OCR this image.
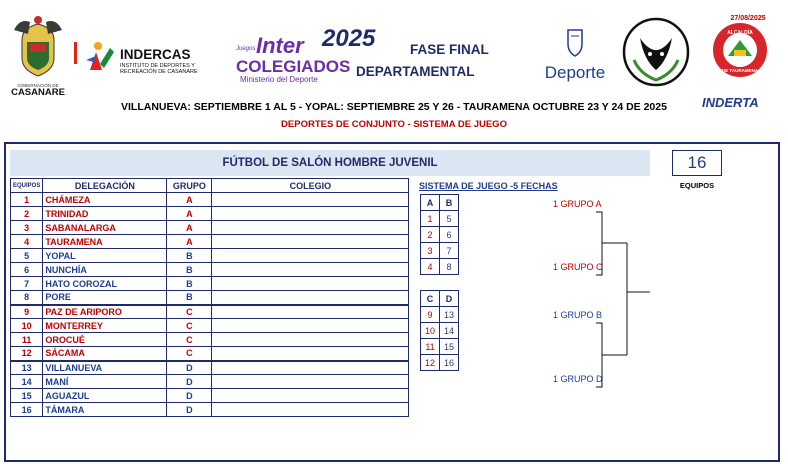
GOBERNACIÓN DE
CASANARE
INDERCAS
INSTITUTO DE DEPORTES Y
RECREACIÓN DE CASANARE
Juegos Inter
COLEGIADOS
Ministerio del Deporte
2025	FASE FINAL
DEPARTAMENTAL	Deporte
27/08/2025
ALCALDÍA
DE TAURAMENA
INDERTA
VILLANUEVA: SEPTIEMBRE 1 AL 5 - YOPAL: SEPTIEMBRE 25 Y 26 - TAURAMENA OCTUBRE 23 Y 24 DE 2025
DEPORTES DE CONJUNTO - SISTEMA DE JUEGO
FÚTBOL DE SALÓN HOMBRE JUVENIL	16
EQUIPOS
EQUIPOS	DELEGACIÓN	GRUPO	COLEGIO
1	CHÁMEZA	A	
2	TRINIDAD	A	
3	SABANALARGA	A	
4	TAURAMENA	A	
5	YOPAL	B	
6	NUNCHÍA	B	
7	HATO COROZAL	B	
8	PORE	B	
9	PAZ DE ARIPORO	C	
10	MONTERREY	C	
11	OROCUÉ	C	
12	SÁCAMA	C	
13	VILLANUEVA	D	
14	MANÍ	D	
15	AGUAZUL	D	
16	TÁMARA	D	
SISTEMA DE JUEGO -5 FECHAS
A	B
1	5
2	6
3	7
4	8
C	D
9	13
10	14
11	15
12	16
1 GRUPO A
1 GRUPO C
1 GRUPO B
1 GRUPO D
